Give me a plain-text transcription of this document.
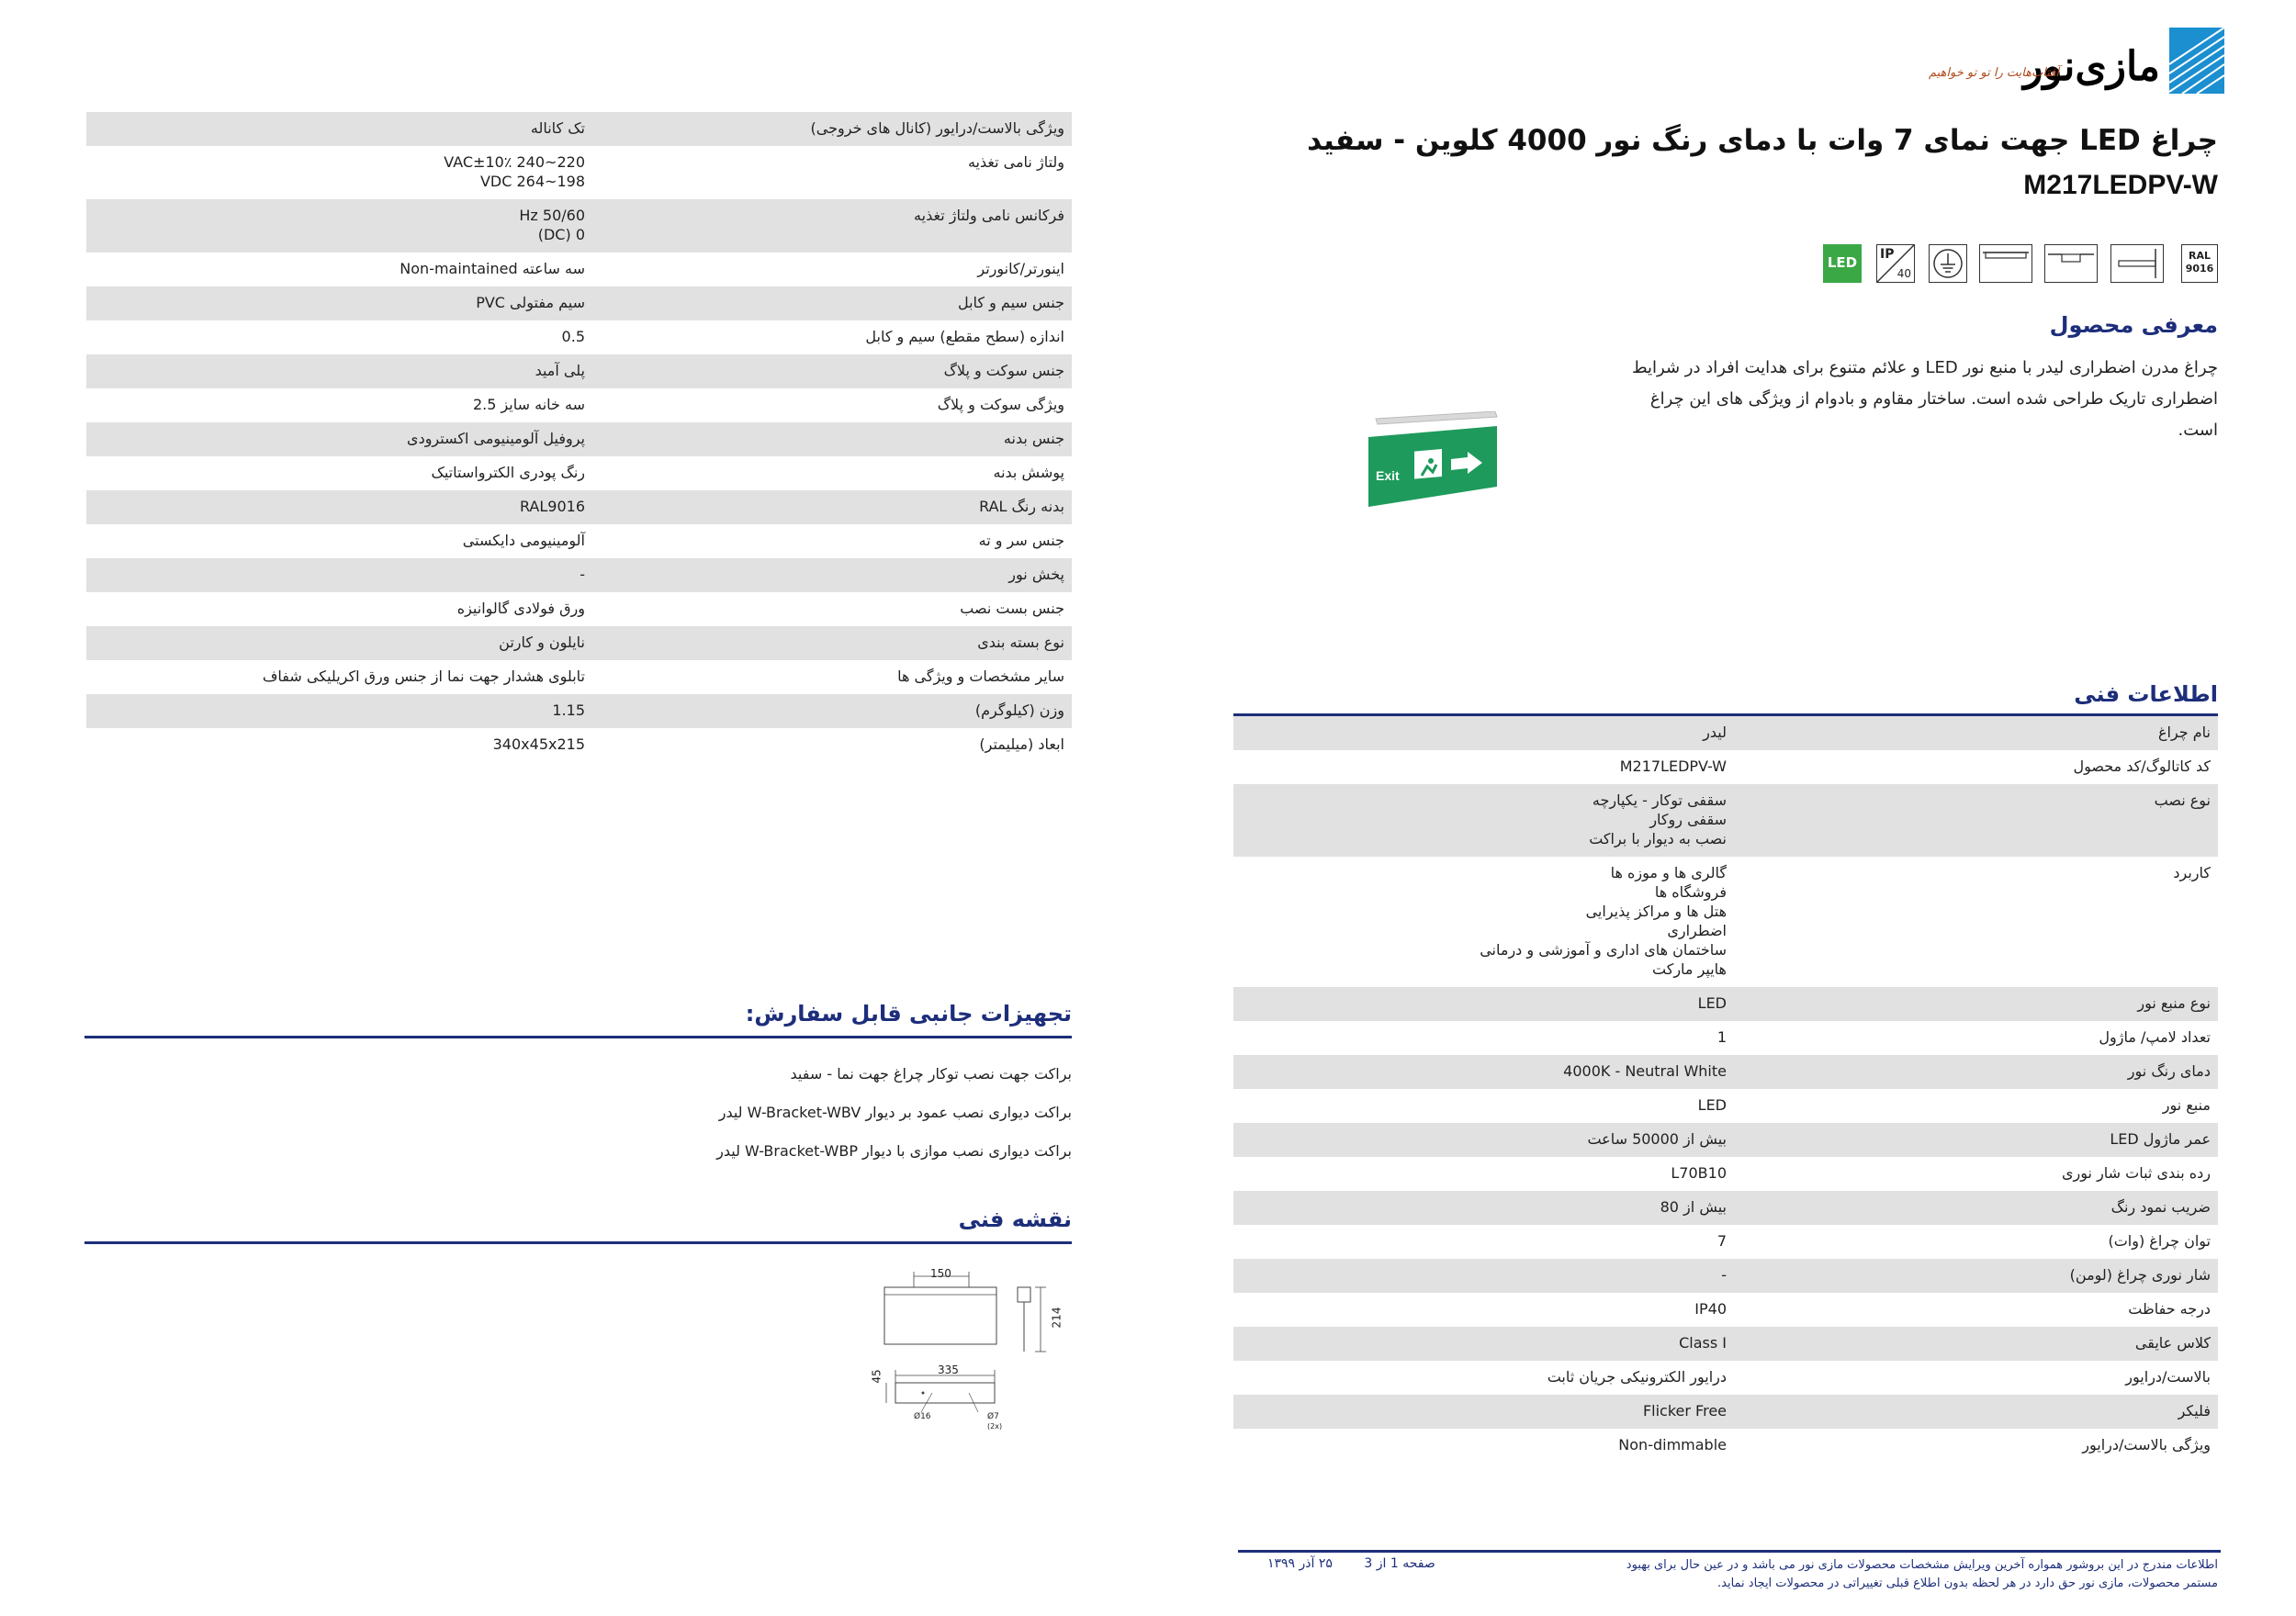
مازی‌نور
آفتاب‌هایت را تو تو خواهیم
چراغ LED جهت نمای 7 وات با دمای رنگ نور 4000 کلوین - سفید
M217LEDPV-W
LED	IP
40
RAL
9016
معرفی محصول
چراغ مدرن اضطراری لیدر با منبع نور LED و علائم متنوع برای هدایت افراد در شرایط اضطراری تاریک طراحی شده است. ساختار مقاوم و بادوام از ویژگی های این چراغ است.
Exit
اطلاعات فنی
نام چراغ
لیدر
کد کاتالوگ/کد محصول
M217LEDPV-W
نوع نصب
سقفی توکار - یکپارچه
سقفی روکار
نصب به دیوار با براکت
کاربرد
گالری ها و موزه ها
فروشگاه ها
هتل ها و مراکز پذیرایی
اضطراری
ساختمان های اداری و آموزشی و درمانی
هایپر مارکت
نوع منبع نور
LED
تعداد لامپ/ ماژول
1
دمای رنگ نور
4000K - Neutral White
منبع نور
LED
عمر ماژول LED
بیش از 50000 ساعت
رده بندی ثبات شار نوری
L70B10
ضریب نمود رنگ
بیش از 80
توان چراغ (وات)
7
شار نوری چراغ (لومن)
-
درجه حفاظت
IP40
کلاس عایقی
Class I
بالاست/درایور
درایور الکترونیکی جریان ثابت
فلیکر
Flicker Free
ویژگی بالاست/درایور
Non-dimmable
ویژگی بالاست/درایور (کانال های خروجی)
تک کاناله
ولتاژ نامی تغذیه
220~240 VAC±10٪
198~264 VDC
فرکانس نامی ولتاژ تغذیه
50/60 Hz
0 (DC)
اینورتر/کانورتر
سه ساعته Non-maintained
جنس سیم و کابل
سیم مفتولی PVC
اندازه (سطح مقطع) سیم و کابل
0.5
جنس سوکت و پلاگ
پلی آمید
ویژگی سوکت و پلاگ
سه خانه سایز 2.5
جنس بدنه
پروفیل آلومینیومی اکسترودی
پوشش بدنه
رنگ پودری الکترواستاتیک
بدنه رنگ RAL
RAL9016
جنس سر و ته
آلومینیومی دایکستی
پخش نور
-
جنس بست نصب
ورق فولادی گالوانیزه
نوع بسته بندی
نایلون و کارتن
سایر مشخصات و ویژگی ها
تابلوی هشدار جهت نما از جنس ورق اکریلیکی شفاف
وزن (کیلوگرم)
1.15
ابعاد (میلیمتر)
340x45x215
تجهیزات جانبی قابل سفارش:
براکت جهت نصب توکار چراغ جهت نما - سفید
براکت دیواری نصب عمود بر دیوار W-Bracket-WBV لیدر
براکت دیواری نصب موازی با دیوار W-Bracket-WBP لیدر
نقشه فنی
150
214
335
45
Ø16	Ø7
(2x)
اطلاعات مندرج در این بروشور همواره آخرین ویرایش مشخصات محصولات مازی نور می باشد و در عین حال برای بهبود مستمر محصولات، مازی نور حق دارد در هر لحظه بدون اطلاع قبلی تغییراتی در محصولات ایجاد نماید.
صفحه 1 از 3 ۲۵ آذر ۱۳۹۹
